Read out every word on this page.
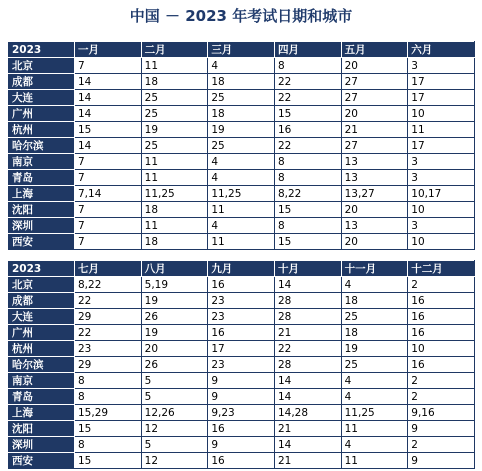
中国 － 2023 年考试日期和城市
2023	一月	二月	三月	四月	五月	六月
北京	7	11	4	8	20	3
成都	14	18	18	22	27	17
大连	14	25	25	22	27	17
广州	14	25	18	15	20	10
杭州	15	19	19	16	21	11
哈尔滨	14	25	25	22	27	17
南京	7	11	4	8	13	3
青岛	7	11	4	8	13	3
上海	7,14	11,25	11,25	8,22	13,27	10,17
沈阳	7	18	11	15	20	10
深圳	7	11	4	8	13	3
西安	7	18	11	15	20	10
2023	七月	八月	九月	十月	十一月	十二月
北京	8,22	5,19	16	14	4	2
成都	22	19	23	28	18	16
大连	29	26	23	28	25	16
广州	22	19	16	21	18	16
杭州	23	20	17	22	19	10
哈尔滨	29	26	23	28	25	16
南京	8	5	9	14	4	2
青岛	8	5	9	14	4	2
上海	15,29	12,26	9,23	14,28	11,25	9,16
沈阳	15	12	16	21	11	9
深圳	8	5	9	14	4	2
西安	15	12	16	21	11	9
